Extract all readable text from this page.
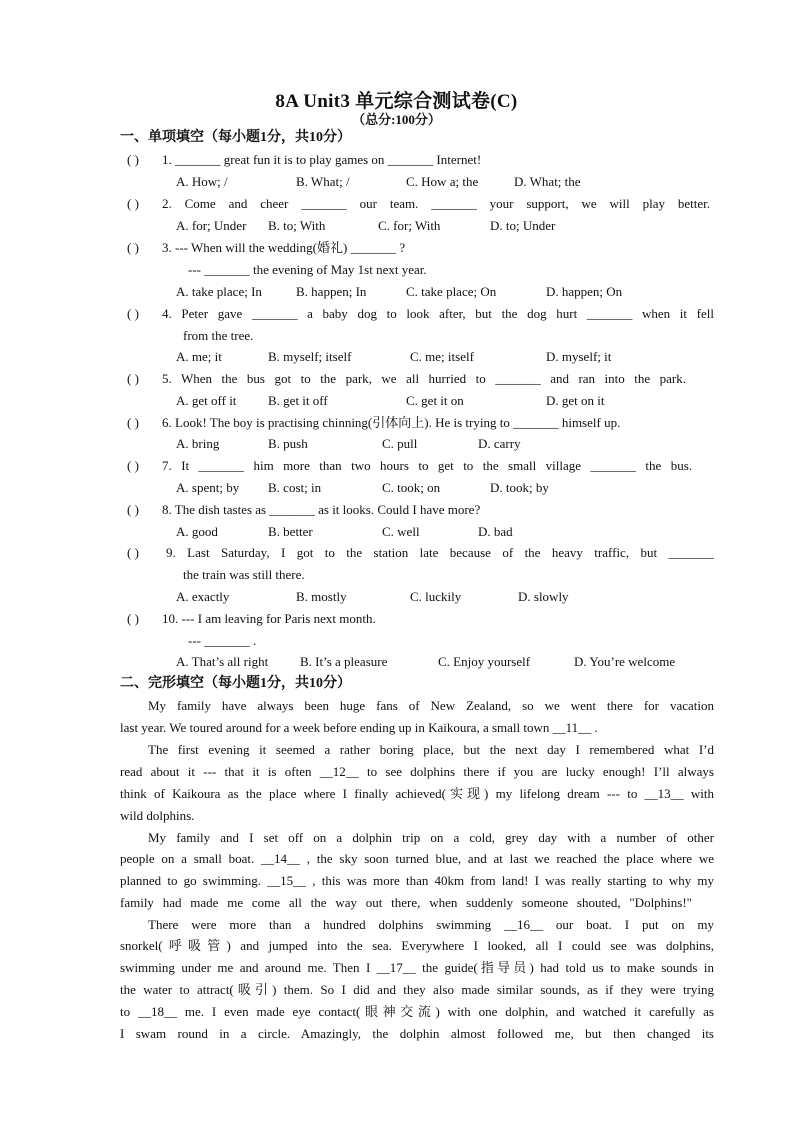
8A Unit3 单元综合测试卷(C)
（总分:100分）
一、单项填空（每小题1分，共10分）
( ) 1. _______ great fun it is to play games on _______ Internet!
A. How; /	B. What; /	C. How a; the	D. What; the
( ) 2. Come and cheer _______ our team. _______ your support, we will play better.
A. for; Under B. to; With	C. for; With	D. to; Under
( ) 3. --- When will the wedding(婚礼) _______ ?
--- _______ the evening of May 1st next year.
A. take place; In	B. happen; In	C. take place; On	D. happen; On
( ) 4. Peter gave _______ a baby dog to look after, but the dog hurt _______ when it fell
from the tree.
A. me; it	B. myself; itself	C. me; itself	D. myself; it
( ) 5. When the bus got to the park, we all hurried to _______ and ran into the park.
A. get off it B. get it off	C. get it on	D. get on it
( ) 6. Look! The boy is practising chinning(引体向上). He is trying to _______ himself up.
A. bring	B. push	C. pull	D. carry
( ) 7. It _______ him more than two hours to get to the small village _______ the bus.
A. spent; by B. cost; in	C. took; on	D. took; by
( ) 8. The dish tastes as _______ as it looks. Could I have more?
A. good	B. better	C. well	D. bad
( ) 9. Last Saturday, I got to the station late because of the heavy traffic, but _______
the train was still there.
A. exactly	B. mostly	C. luckily	D. slowly
( ) 10. --- I am leaving for Paris next month.
--- _______ .
A. That’s all right B. It’s a pleasure	C. Enjoy yourself	D. You’re welcome
二、完形填空（每小题1分，共10分）
My family have always been huge fans of New Zealand, so we went there for vacation
last year. We toured around for a week before ending up in Kaikoura, a small town __11__ .
The first evening it seemed a rather boring place, but the next day I remembered what I’d
read about it --- that it is often __12__ to see dolphins there if you are lucky enough! I’ll always
think of Kaikoura as the place where I finally achieved(实现) my lifelong dream --- to __13__ with
wild dolphins.
My family and I set off on a dolphin trip on a cold, grey day with a number of other
people on a small boat. __14__ , the sky soon turned blue, and at last we reached the place where we
planned to go swimming. __15__ , this was more than 40km from land! I was really starting to why my
family had made me come all the way out there, when suddenly someone shouted, "Dolphins!"
There were more than a hundred dolphins swimming __16__ our boat. I put on my
snorkel(呼吸管) and jumped into the sea. Everywhere I looked, all I could see was dolphins,
swimming under me and around me. Then I __17__ the guide(指导员) had told us to make sounds in
the water to attract(吸引) them. So I did and they also made similar sounds, as if they were trying
to __18__ me. I even made eye contact(眼神交流) with one dolphin, and watched it carefully as
I swam round in a circle. Amazingly, the dolphin almost followed me, but then changed its
